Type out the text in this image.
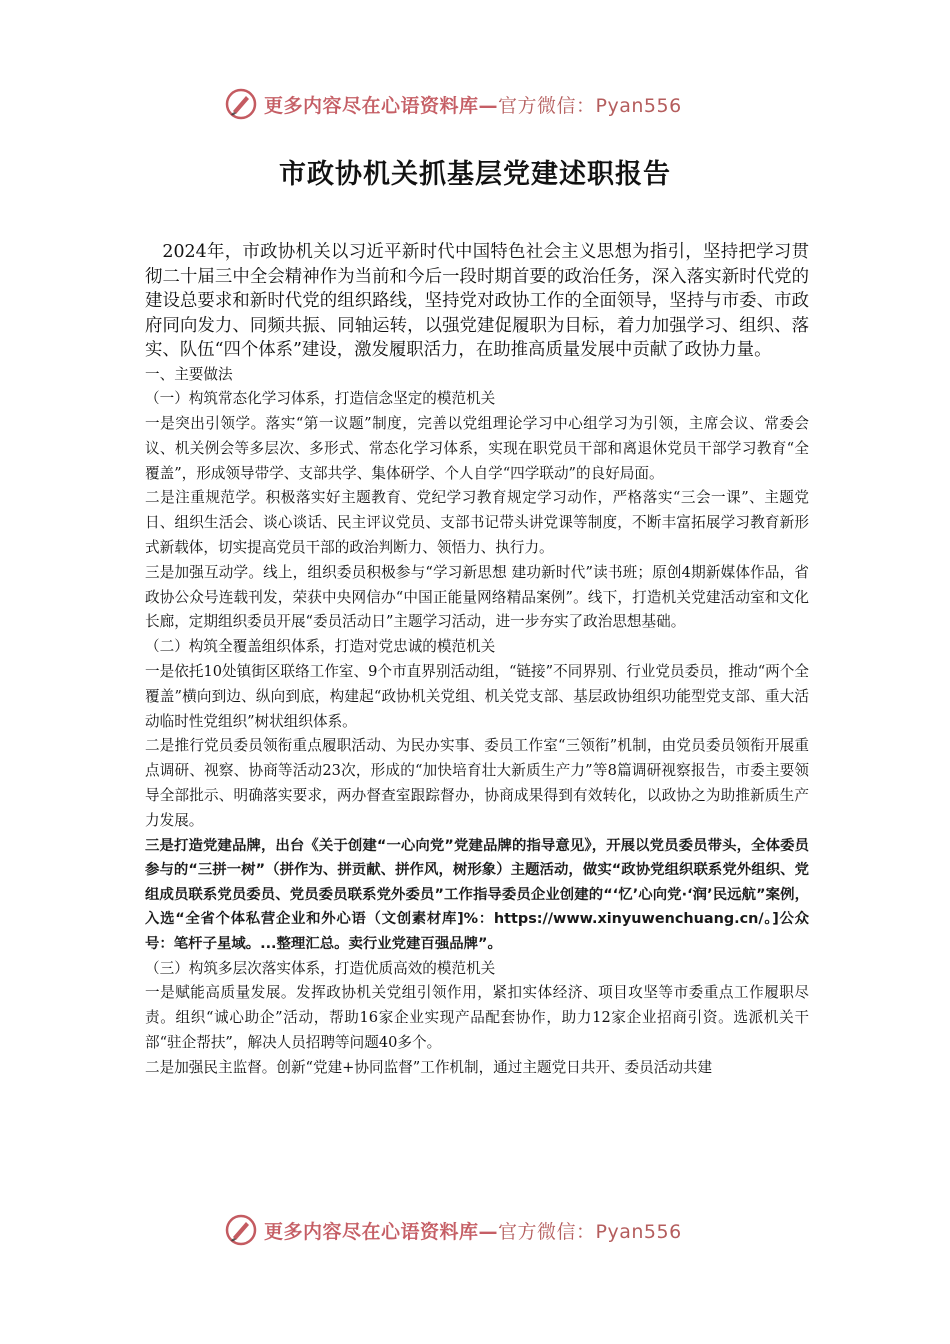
更多内容尽在心语资料库—官方微信：Pyan556
市政协机关抓基层党建述职报告

2024年，市政协机关以习近平新时代中国特色社会主义思想为指引，坚持把学习贯彻二十届三中全会精神作为当前和今后一段时期首要的政治任务，深入落实新时代党的建设总要求和新时代党的组织路线，坚持党对政协工作的全面领导，坚持与市委、市政府同向发力、同频共振、同轴运转，以强党建促履职为目标，着力加强学习、组织、落实、队伍“四个体系”建设，激发履职活力，在助推高质量发展中贡献了政协力量。

一、主要做法

（一）构筑常态化学习体系，打造信念坚定的模范机关

一是突出引领学。落实“第一议题”制度，完善以党组理论学习中心组学习为引领，主席会议、常委会议、机关例会等多层次、多形式、常态化学习体系，实现在职党员干部和离退休党员干部学习教育“全覆盖”，形成领导带学、支部共学、集体研学、个人自学“四学联动”的良好局面。

二是注重规范学。积极落实好主题教育、党纪学习教育规定学习动作，严格落实“三会一课”、主题党日、组织生活会、谈心谈话、民主评议党员、支部书记带头讲党课等制度，不断丰富拓展学习教育新形式新载体，切实提高党员干部的政治判断力、领悟力、执行力。

三是加强互动学。线上，组织委员积极参与“学习新思想 建功新时代”读书班；原创4期新媒体作品，省政协公众号连载刊发，荣获中央网信办“中国正能量网络精品案例”。线下，打造机关党建活动室和文化长廊，定期组织委员开展“委员活动日”主题学习活动，进一步夯实了政治思想基础。

（二）构筑全覆盖组织体系，打造对党忠诚的模范机关

一是依托10处镇街区联络工作室、9个市直界别活动组，“链接”不同界别、行业党员委员，推动“两个全覆盖”横向到边、纵向到底，构建起“政协机关党组、机关党支部、基层政协组织功能型党支部、重大活动临时性党组织”树状组织体系。

二是推行党员委员领衔重点履职活动、为民办实事、委员工作室“三领衔”机制，由党员委员领衔开展重点调研、视察、协商等活动23次，形成的“加快培育壮大新质生产力”等8篇调研视察报告，市委主要领导全部批示、明确落实要求，两办督查室跟踪督办，协商成果得到有效转化，以政协之为助推新质生产力发展。

三是打造党建品牌，出台《关于创建“一心向党”党建品牌的指导意见》，开展以党员委员带头，全体委员参与的“三拼一树”（拼作为、拼贡献、拼作风，树形象）主题活动，做实“政协党组织联系党外组织、党组成员联系党员委员、党员委员联系党外委员”工作指导委员企业创建的“‘忆’心向党·‘润’民远航”案例，入选“全省个体私营企业和外心语（文创素材库]%：https://www.xinyuwenchuang.cn/。]公众号：笔杆子星域。...整理汇总。卖行业党建百强品牌”。

（三）构筑多层次落实体系，打造优质高效的模范机关

一是赋能高质量发展。发挥政协机关党组引领作用，紧扣实体经济、项目攻坚等市委重点工作履职尽责。组织“诚心助企”活动，帮助16家企业实现产品配套协作，助力12家企业招商引资。选派机关干部“驻企帮扶”，解决人员招聘等问题40多个。

二是加强民主监督。创新“党建+协同监督”工作机制，通过主题党日共开、委员活动共建

更多内容尽在心语资料库—官方微信：Pyan556
